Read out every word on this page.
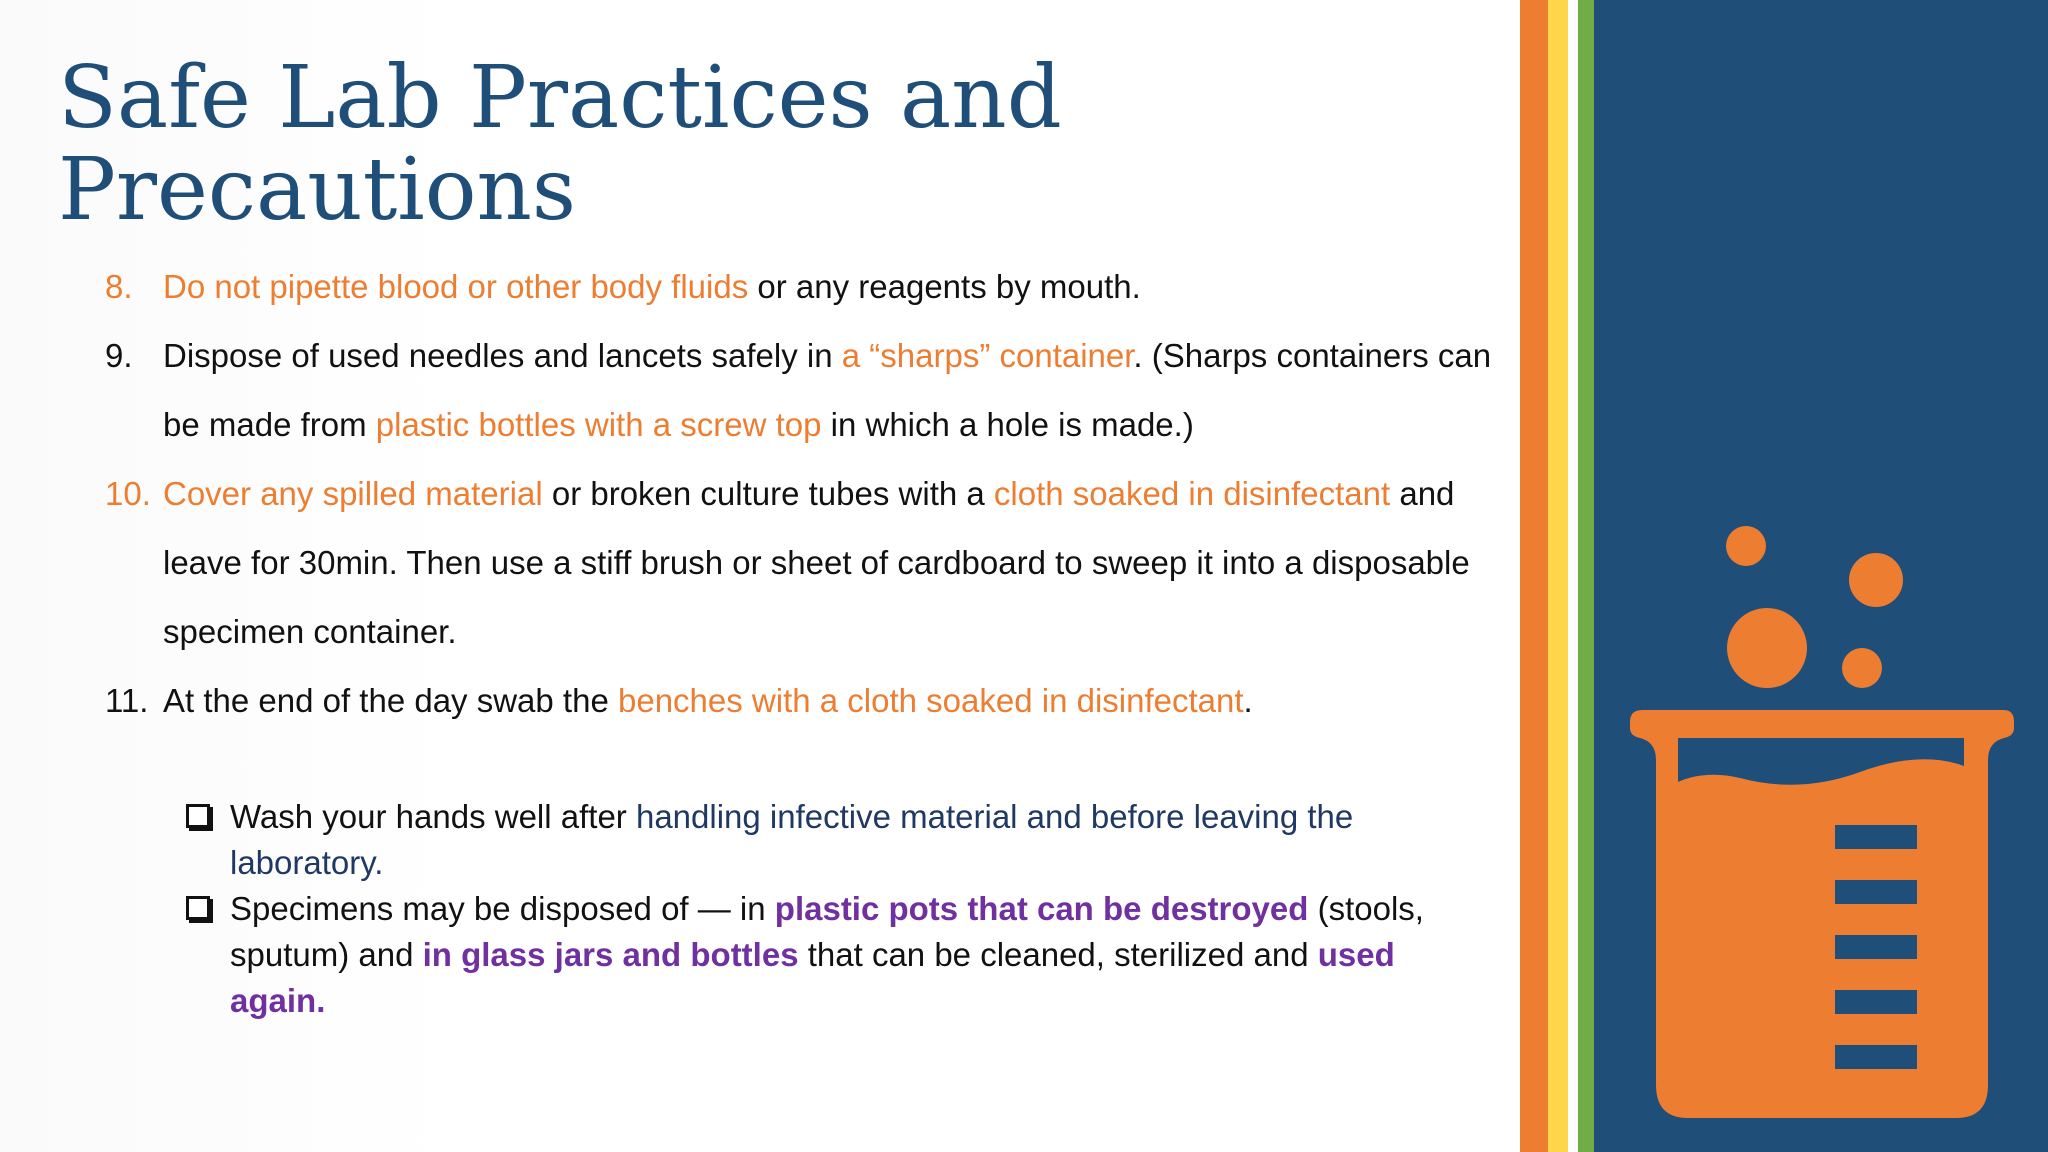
Safe Lab Practices and Precautions
8. Do not pipette blood or other body fluids or any reagents by mouth.
9. Dispose of used needles and lancets safely in a “sharps” container. (Sharps containers can be made from plastic bottles with a screw top in which a hole is made.)
10. Cover any spilled material or broken culture tubes with a cloth soaked in disinfectant and leave for 30min. Then use a stiff brush or sheet of cardboard to sweep it into a disposable specimen container.
11. At the end of the day swab the benches with a cloth soaked in disinfectant.
Wash your hands well after handling infective material and before leaving the laboratory.
Specimens may be disposed of — in plastic pots that can be destroyed (stools, sputum) and in glass jars and bottles that can be cleaned, sterilized and used again.
